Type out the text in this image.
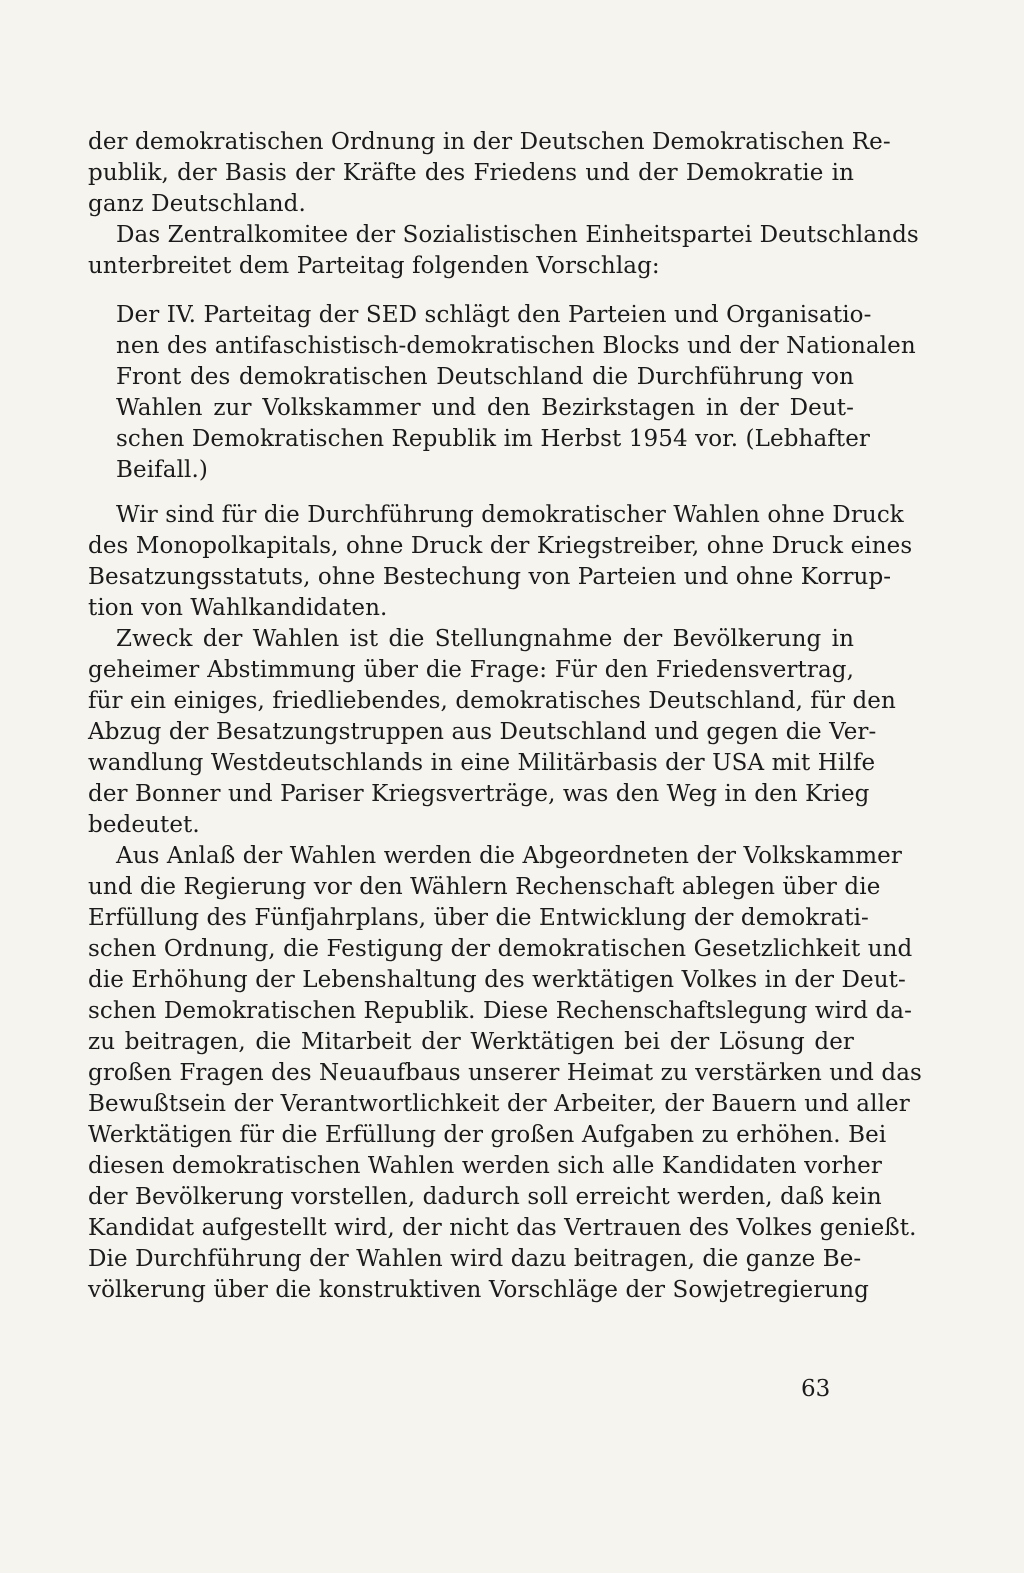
der demokratischen Ordnung in der Deutschen Demokratischen Re-
publik, der Basis der Kräfte des Friedens und der Demokratie in
ganz Deutschland.
Das Zentralkomitee der Sozialistischen Einheitspartei Deutschlands
unterbreitet dem Parteitag folgenden Vorschlag:
Der IV. Parteitag der SED schlägt den Parteien und Organisatio-
nen des antifaschistisch-demokratischen Blocks und der Nationalen
Front des demokratischen Deutschland die Durchführung von
Wahlen zur Volkskammer und den Bezirkstagen in der Deut-
schen Demokratischen Republik im Herbst 1954 vor. (Lebhafter
Beifall.)
Wir sind für die Durchführung demokratischer Wahlen ohne Druck
des Monopolkapitals, ohne Druck der Kriegstreiber, ohne Druck eines
Besatzungsstatuts, ohne Bestechung von Parteien und ohne Korrup-
tion von Wahlkandidaten.
Zweck der Wahlen ist die Stellungnahme der Bevölkerung in
geheimer Abstimmung über die Frage: Für den Friedensvertrag,
für ein einiges, friedliebendes, demokratisches Deutschland, für den
Abzug der Besatzungstruppen aus Deutschland und gegen die Ver-
wandlung Westdeutschlands in eine Militärbasis der USA mit Hilfe
der Bonner und Pariser Kriegsverträge, was den Weg in den Krieg
bedeutet.
Aus Anlaß der Wahlen werden die Abgeordneten der Volkskammer
und die Regierung vor den Wählern Rechenschaft ablegen über die
Erfüllung des Fünfjahrplans, über die Entwicklung der demokrati-
schen Ordnung, die Festigung der demokratischen Gesetzlichkeit und
die Erhöhung der Lebenshaltung des werktätigen Volkes in der Deut-
schen Demokratischen Republik. Diese Rechenschaftslegung wird da-
zu beitragen, die Mitarbeit der Werktätigen bei der Lösung der
großen Fragen des Neuaufbaus unserer Heimat zu verstärken und das
Bewußtsein der Verantwortlichkeit der Arbeiter, der Bauern und aller
Werktätigen für die Erfüllung der großen Aufgaben zu erhöhen. Bei
diesen demokratischen Wahlen werden sich alle Kandidaten vorher
der Bevölkerung vorstellen, dadurch soll erreicht werden, daß kein
Kandidat aufgestellt wird, der nicht das Vertrauen des Volkes genießt.
Die Durchführung der Wahlen wird dazu beitragen, die ganze Be-
völkerung über die konstruktiven Vorschläge der Sowjetregierung
63
